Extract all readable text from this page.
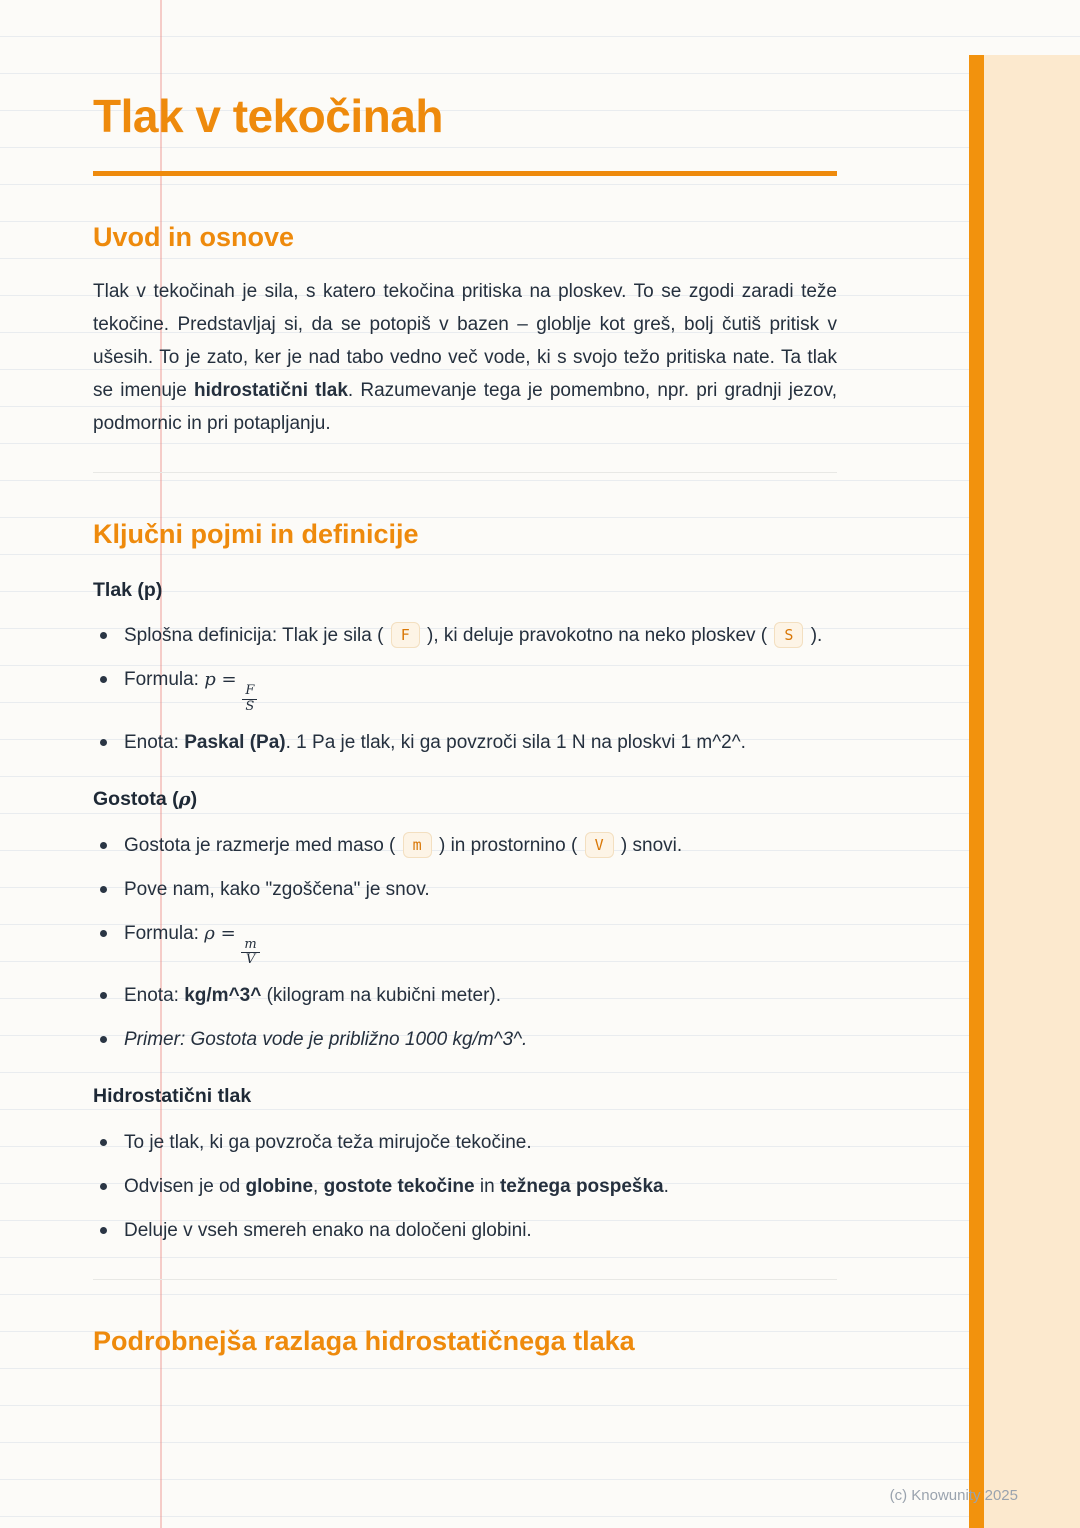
Tlak v tekočinah
Uvod in osnove

Tlak v tekočinah je sila, s katero tekočina pritiska na ploskev. To se zgodi zaradi teže tekočine. Predstavljaj si, da se potopiš v bazen – globlje kot greš, bolj čutiš pritisk v ušesih. To je zato, ker je nad tabo vedno več vode, ki s svojo težo pritiska nate. Ta tlak se imenuje hidrostatični tlak. Razumevanje tega je pomembno, npr. pri gradnji jezov, podmornic in pri potapljanju.

Ključni pojmi in definicije
Tlak (p)
Splošna definicija: Tlak je sila ( F ), ki deluje pravokotno na neko ploskev ( S ).
Formula: p =
$\frac{F}{S}$
Enota: Paskal (Pa). 1 Pa je tlak, ki ga povzroči sila 1 N na ploskvi 1 m^2^.
Gostota (ρ)
Gostota je razmerje med maso ( m ) in prostornino ( V ) snovi.
Pove nam, kako "zgoščena" je snov.
Formula: ρ =
$\frac{m}{V}$
Enota: kg/m^3^ (kilogram na kubični meter).
Primer: Gostota vode je približno 1000 kg/m^3^.
Hidrostatični tlak
To je tlak, ki ga povzroča teža mirujoče tekočine.
Odvisen je od globine, gostote tekočine in težnega pospeška.
Deluje v vseh smereh enako na določeni globini.
Podrobnejša razlaga hidrostatičnega tlaka
(c) Knowunity 2025
